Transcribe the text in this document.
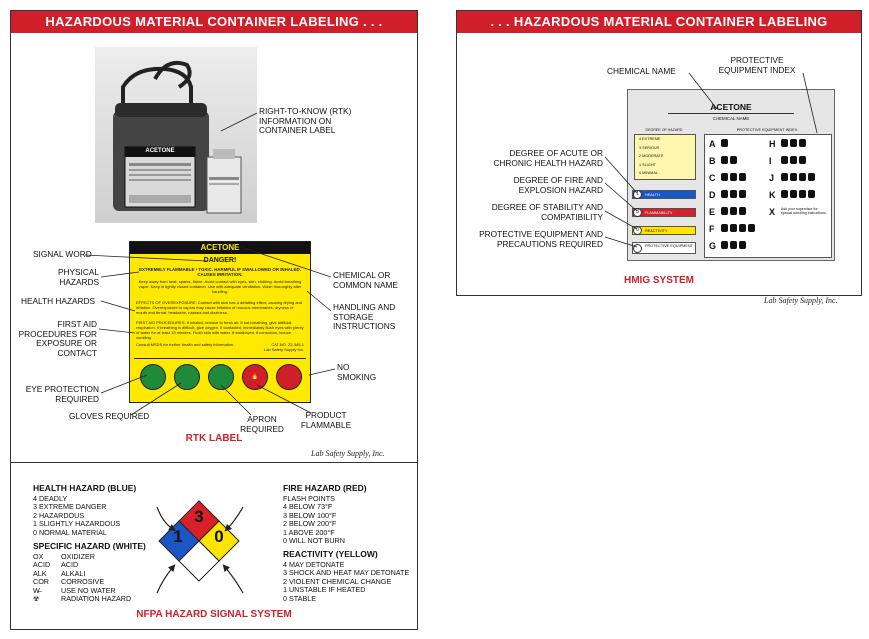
HAZARDOUS MATERIAL CONTAINER LABELING . . .
ACETONE
RIGHT-TO-KNOW (RTK) INFORMATION ON CONTAINER LABEL
ACETONE
DANGER!
EXTREMELY FLAMMABLE • TOXIC. HARMFUL IF SWALLOWED OR INHALED. CAUSES IRRITATION.
Keep away from heat, sparks, flame. Avoid contact with eyes, skin, clothing. Avoid breathing vapor. Keep in tightly closed container. Use with adequate ventilation. Wash thoroughly after handling.
EFFECTS OF OVEREXPOSURE: Contact with skin has a defatting effect, causing drying and irritation. Overexposure to vapors may cause irritation of mucous membranes, dryness of mouth and throat, headache, nausea and dizziness.
FIRST AID PROCEDURES: If inhaled, remove to fresh air. If not breathing, give artificial respiration. If breathing is difficult, give oxygen. If contacted, immediately flush eyes with plenty of water for at least 15 minutes. Flush skin with water. If swallowed, if conscious, induce vomiting.
Consult MSDS for further health and safety information.	CAT.NO. 22-345-1
Lab Safety Supply Inc.
🔥
SIGNAL WORD
PHYSICAL HAZARDS
HEALTH HAZARDS
FIRST AID PROCEDURES FOR EXPOSURE OR CONTACT
EYE PROTECTION REQUIRED
GLOVES REQUIRED	APRON REQUIRED
PRODUCT FLAMMABLE
NO SMOKING
HANDLING AND STORAGE INSTRUCTIONS
CHEMICAL OR COMMON NAME
RTK LABEL
Lab Safety Supply, Inc.
HEALTH HAZARD (BLUE)
4 DEADLY
3 EXTREME DANGER
2 HAZARDOUS
1 SLIGHTLY HAZARDOUS
0 NORMAL MATERIAL
SPECIFIC HAZARD (WHITE)
OX OXIDIZER
ACID ACID
ALK ALKALI
COR CORROSIVE
W̶	USE NO WATER
☢	RADIATION HAZARD
3
1 0
FIRE HAZARD (RED)
FLASH POINTS
4 BELOW 73°F
3 BELOW 100°F
2 BELOW 200°F
1 ABOVE 200°F
0 WILL NOT BURN
REACTIVITY (YELLOW)
4 MAY DETONATE
3 SHOCK AND HEAT MAY DETONATE
2 VIOLENT CHEMICAL CHANGE
1 UNSTABLE IF HEATED
0 STABLE
NFPA HAZARD SIGNAL SYSTEM
. . . HAZARDOUS MATERIAL CONTAINER LABELING
CHEMICAL NAME
PROTECTIVE EQUIPMENT INDEX
DEGREE OF ACUTE OR CHRONIC HEALTH HAZARD
DEGREE OF FIRE AND EXPLOSION HAZARD
DEGREE OF STABILITY AND COMPATIBILITY
PROTECTIVE EQUIPMENT AND PRECAUTIONS REQUIRED
ACETONE
CHEMICAL NAME
DEGREE OF HAZARD
4 EXTREME
3 SERIOUS
2 MODERATE
1 SLIGHT
0 MINIMAL
HEALTH
FLAMMABILITY
REACTIVITY
PROTECTIVE EQUIPMENT
1
3
0
PROTECTIVE EQUIPMENT INDEX
A
B
C
D
E
F
G
H
I
J
K
X Ask your supervisor for special handling instructions.
HMIG SYSTEM
Lab Safety Supply, Inc.
